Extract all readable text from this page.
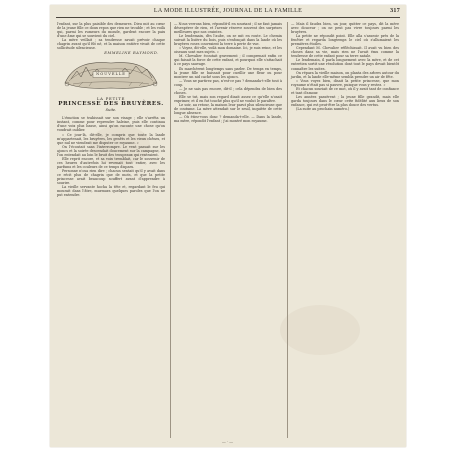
LA MODE ILLUSTRÉE, JOURNAL DE LA FAMILLE	317

l'enfant, sur la plus paisible des demeures. Dieu mit au cœur de la jeune fille ce doux repos que rien ne trouble ; et les voilà qui, parmi les rumeurs du monde, gardent encore la paix d'une âme qui se souvient du ciel.

La mère veillait ; sa tendresse savait prévoir chaque chagrin avant qu'il fût né, et la maison entière vivait de cette sollicitude silencieuse.

EMMELINE RAYMOND.
NOUVELLE
LA PETITE
PRINCESSE DES BRUYÈRES.
Suite.

L'émotion se trahissait sur son visage ; elle s'arrêta un instant, comme pour reprendre haleine, puis elle continua d'une voix plus basse, ainsi qu'on raconte une chose qu'on voudrait oublier.

« Ce jour-là, dit-elle, je compris que toute la lande m'appartenait, les bruyères, les genêts et les vieux chênes, et que nul ne viendrait me disputer ce royaume. »

On l'écoutait sans l'interrompre. Le vent passait sur les ajoncs et la soirée descendait doucement sur la campagne, où l'on entendait au loin le bruit des troupeaux qui rentraient.

Elle reprit encore, et sa voix tremblait, car le souvenir de ces heures d'autrefois lui revenait tout entier, avec les parfums et les couleurs de ce temps disparu.

Personne n'osa rien dire ; chacun sentait qu'il y avait dans ce récit plus de chagrin que de mots, et que la petite princesse avait beaucoup souffert avant d'apprendre à sourire.

La vieille servante hocha la tête et, regardant le feu qui mourait dans l'âtre, murmura quelques paroles que l'on ne put entendre.

— Nous verrons bien, répondit-il en souriant ; il ne faut jamais désespérer de rien, et l'avenir réserve souvent des surprises meilleures que nos craintes.

Le lendemain, dès l'aube, on se mit en route. Le chemin suivait la lisière du bois, puis s'enfonçait dans la lande où les bruyères roses couvraient la terre à perte de vue.

« Voyez, dit-elle, voilà mon domaine. Ici, je suis reine, et les oiseaux sont mes sujets. »

M. Chevalier écoutait gravement ; il comprenait enfin ce qui faisait la force de cette enfant, et pourquoi elle s'attachait à ce pays sauvage.

Ils marchèrent longtemps sans parler. De temps en temps, la jeune fille se baissait pour cueillir une fleur ou pour montrer un nid caché sous les ajoncs.

— Vous ne partirez pas, n'est-ce pas ? demanda-t-elle tout à coup.

— Je ne sais pas encore, dit-il ; cela dépendra de bien des choses.

Elle se tut, mais son regard disait assez ce qu'elle n'osait exprimer, et il en fut touché plus qu'il ne voulut le paraître.

Le soir, au retour, la maison leur parut plus silencieuse que de coutume. La mère attendait sur le seuil, inquiète de cette longue absence.

— Où étiez-vous donc ? demanda-t-elle. — Dans la lande, ma mère, répondit l'enfant ; j'ai montré mon royaume.

— Mais il faudra bien, un jour, quitter ce pays, dit la mère avec douceur ; on ne peut pas vivre toujours parmi les bruyères.

La petite ne répondit point. Elle alla s'asseoir près de la fenêtre et regarda longtemps le ciel où s'allumaient les premières étoiles.

Cependant M. Chevalier réfléchissait. Il avait vu bien des choses dans sa vie, mais rien ne l'avait ému comme la tendresse de cette enfant pour sa terre natale.

Le lendemain, il parla longuement avec la mère, et de cet entretien sortit une résolution dont tout le pays devait bientôt connaître les suites.

On répara la vieille maison, on planta des arbres autour du jardin, et la lande elle-même sembla prendre un air de fête.

« Vous voyez bien, disait la petite princesse, que mon royaume n'était pas si pauvre, puisque vous y restez. »

Et chacun souriait de ce mot, où il y avait tant de confiance et tant d'amour.

Les années passèrent ; la jeune fille grandit, mais elle garda toujours dans le cœur cette fidélité aux lieux de son enfance, qui est peut-être la plus douce des vertus.

(La suite au prochain numéro.)

—·—
